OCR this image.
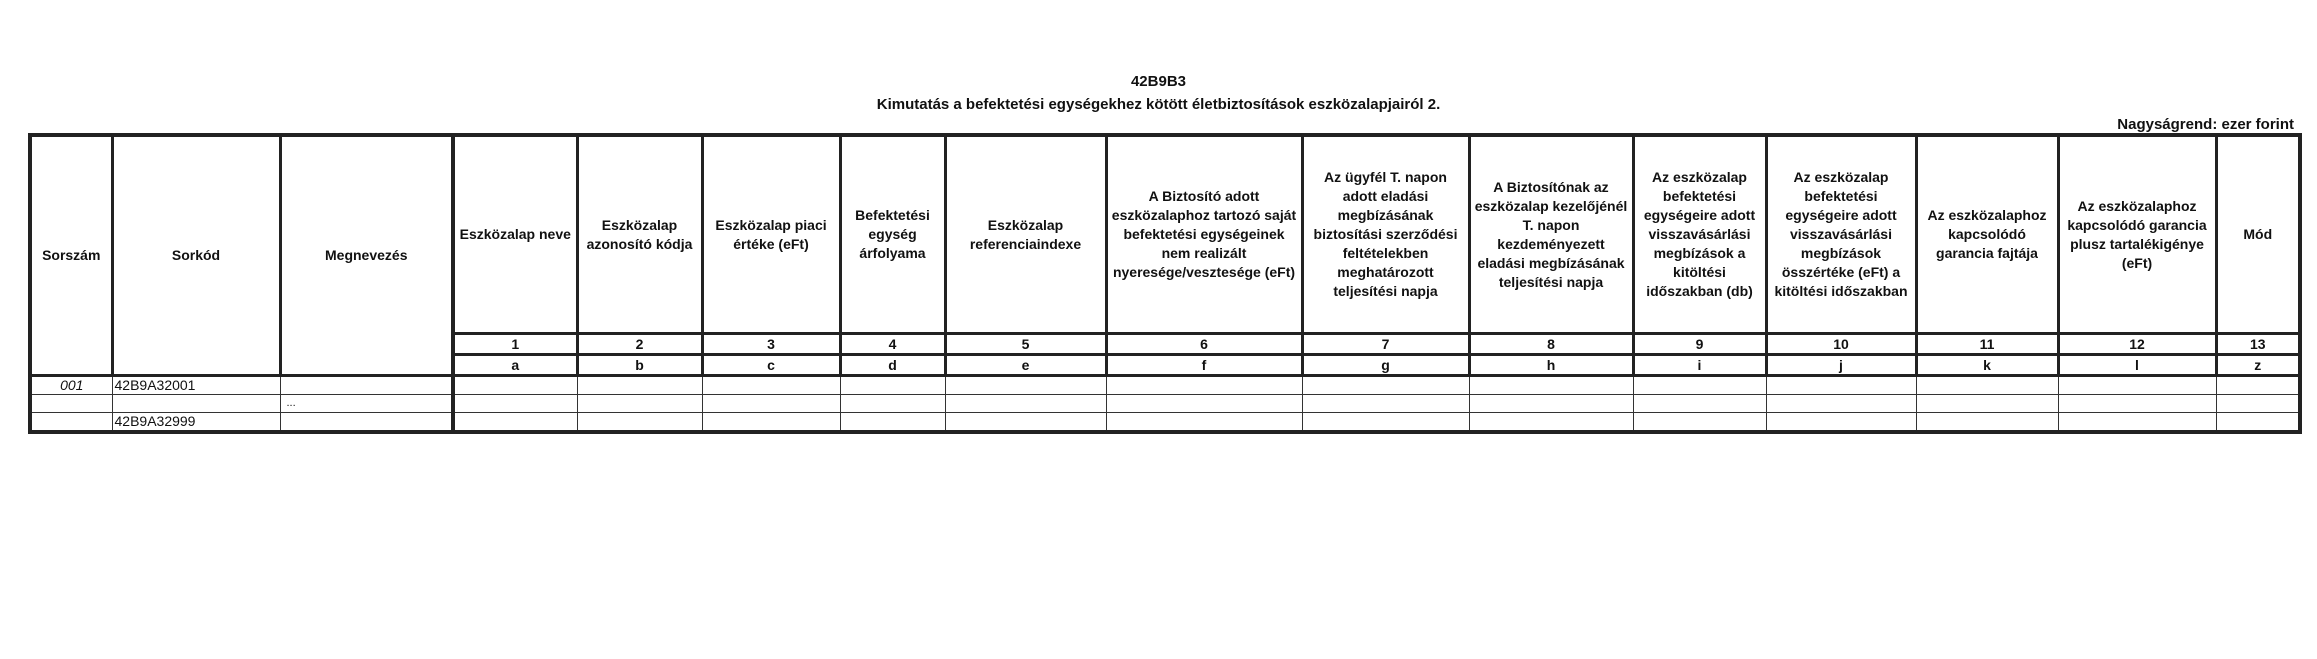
42B9B3
Kimutatás a befektetési egységekhez kötött életbiztosítások eszközalapjairól 2.
Nagyságrend: ezer forint
Sorszám	Sorkód	Megnevezés	Eszközalap neve	Eszközalap azonosító kódja	Eszközalap piaci értéke (eFt)	Befektetési egység árfolyama	Eszközalap referenciaindexe	A Biztosító adott eszközalaphoz tartozó saját befektetési egységeinek nem realizált nyeresége/vesztesége (eFt)	Az ügyfél T. napon adott eladási megbízásának biztosítási szerződési feltételekben meghatározott teljesítési napja	A Biztosítónak az eszközalap kezelőjénél T. napon kezdeményezett eladási megbízásának teljesítési napja	Az eszközalap befektetési egységeire adott visszavásárlási megbízások a kitöltési időszakban (db)	Az eszközalap befektetési egységeire adott visszavásárlási megbízások összértéke (eFt) a kitöltési időszakban	Az eszközalaphoz kapcsolódó garancia fajtája	Az eszközalaphoz kapcsolódó garancia plusz tartalékigénye (eFt)	Mód
			1	2	3	4	5	6	7	8	9	10	11	12	13
			a	b	c	d	e	f	g	h	i	j	k	l	z
001	42B9A32001														
		...													
	42B9A32999														
